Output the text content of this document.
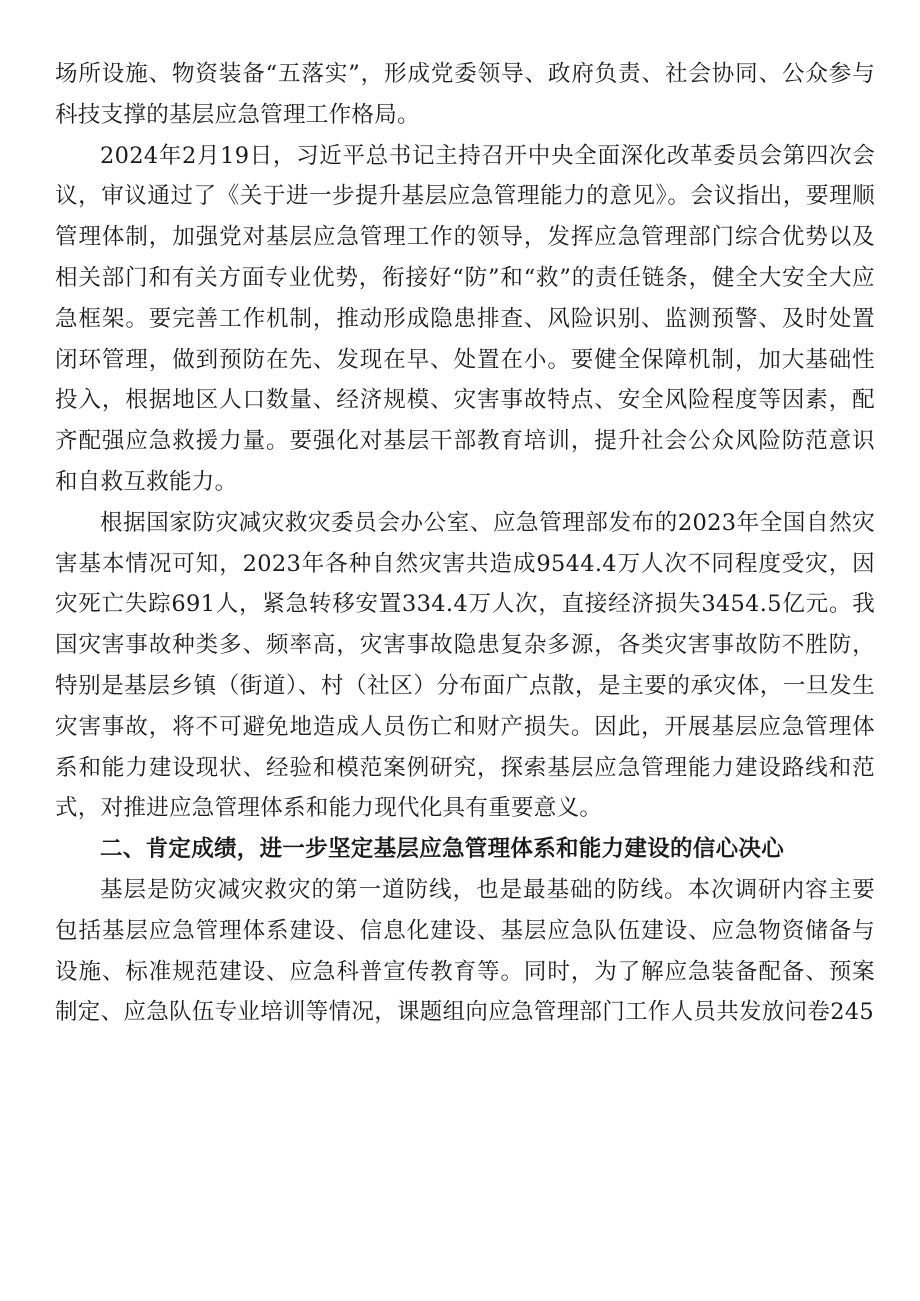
场所设施、物资装备“五落实”，形成党委领导、政府负责、社会协同、公众参与科技支撑的基层应急管理工作格局。

2024年2月19日，习近平总书记主持召开中央全面深化改革委员会第四次会议，审议通过了《关于进一步提升基层应急管理能力的意见》。会议指出，要理顺管理体制，加强党对基层应急管理工作的领导，发挥应急管理部门综合优势以及相关部门和有关方面专业优势，衔接好“防”和“救”的责任链条，健全大安全大应急框架。要完善工作机制，推动形成隐患排查、风险识别、监测预警、及时处置闭环管理，做到预防在先、发现在早、处置在小。要健全保障机制，加大基础性投入，根据地区人口数量、经济规模、灾害事故特点、安全风险程度等因素，配齐配强应急救援力量。要强化对基层干部教育培训，提升社会公众风险防范意识和自救互救能力。

根据国家防灾减灾救灾委员会办公室、应急管理部发布的2023年全国自然灾害基本情况可知，2023年各种自然灾害共造成9544.4万人次不同程度受灾，因灾死亡失踪691人，紧急转移安置334.4万人次，直接经济损失3454.5亿元。我国灾害事故种类多、频率高，灾害事故隐患复杂多源，各类灾害事故防不胜防，特别是基层乡镇（街道）、村（社区）分布面广点散，是主要的承灾体，一旦发生灾害事故，将不可避免地造成人员伤亡和财产损失。因此，开展基层应急管理体系和能力建设现状、经验和模范案例研究，探索基层应急管理能力建设路线和范式，对推进应急管理体系和能力现代化具有重要意义。

二、肯定成绩，进一步坚定基层应急管理体系和能力建设的信心决心

基层是防灾减灾救灾的第一道防线，也是最基础的防线。本次调研内容主要包括基层应急管理体系建设、信息化建设、基层应急队伍建设、应急物资储备与设施、标准规范建设、应急科普宣传教育等。同时，为了解应急装备配备、预案制定、应急队伍专业培训等情况，课题组向应急管理部门工作人员共发放问卷245
